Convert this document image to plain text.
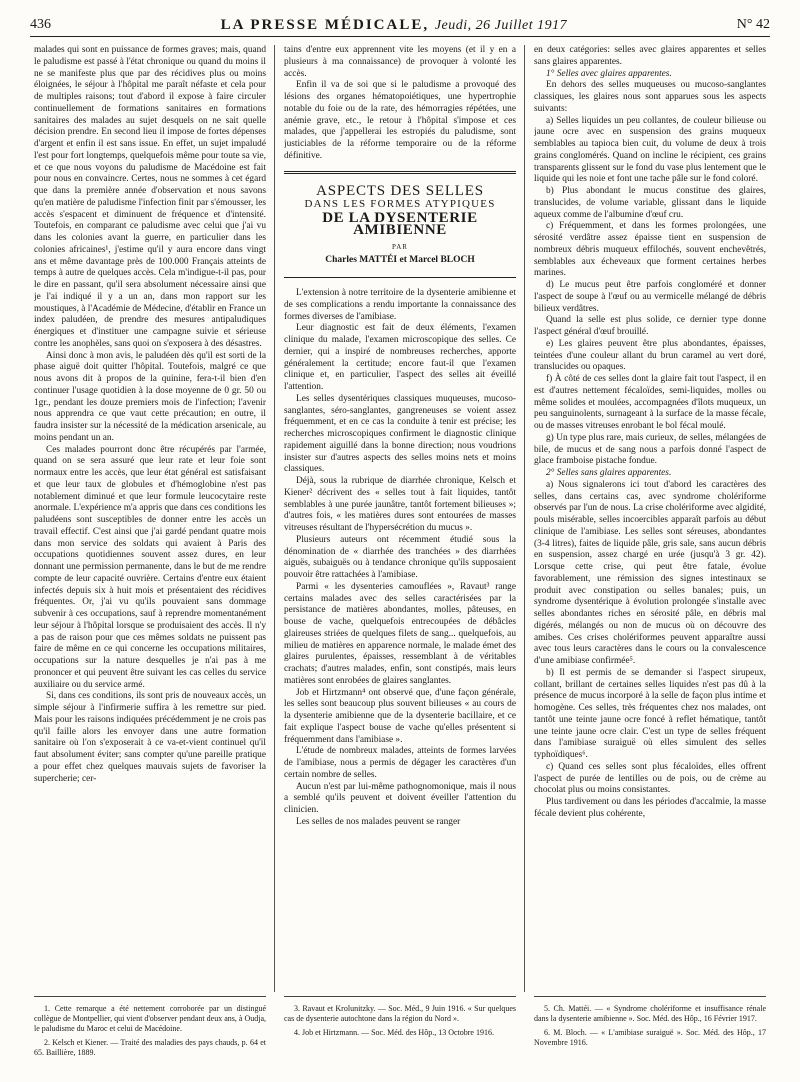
436	LA PRESSE MÉDICALE, Jeudi, 26 Juillet 1917	N° 42

malades qui sont en puissance de formes graves; mais, quand le paludisme est passé à l'état chronique ou quand du moins il ne se manifeste plus que par des récidives plus ou moins éloignées, le séjour à l'hôpital me paraît néfaste et cela pour de multiples raisons; tout d'abord il expose à faire circuler continuellement de formations sanitaires en formations sanitaires des malades au sujet desquels on ne sait quelle décision prendre. En second lieu il impose de fortes dépenses d'argent et enfin il est sans issue. En effet, un sujet impaludé l'est pour fort longtemps, quelquefois même pour toute sa vie, et ce que nous voyons du paludisme de Macédoine est fait pour nous en convaincre. Certes, nous ne sommes à cet égard que dans la première année d'observation et nous savons qu'en matière de paludisme l'infection finit par s'émousser, les accès s'espacent et diminuent de fréquence et d'intensité. Toutefois, en comparant ce paludisme avec celui que j'ai vu dans les colonies avant la guerre, en particulier dans les colonies africaines¹, j'estime qu'il y aura encore dans vingt ans et même davantage près de 100.000 Français atteints de temps à autre de quelques accès. Cela m'indigue-t-il pas, pour le dire en passant, qu'il sera absolument nécessaire ainsi que je l'ai indiqué il y a un an, dans mon rapport sur les moustiques, à l'Académie de Médecine, d'établir en France un index paludéen, de prendre des mesures antipaludiques énergiques et d'instituer une campagne suivie et sérieuse contre les anophèles, sans quoi on s'exposera à des désastres.

Ainsi donc à mon avis, le paludéen dès qu'il est sorti de la phase aiguë doit quitter l'hôpital. Toutefois, malgré ce que nous avons dit à propos de la quinine, fera-t-il bien d'en continuer l'usage quotidien à la dose moyenne de 0 gr. 50 ou 1gr., pendant les douze premiers mois de l'infection; l'avenir nous apprendra ce que vaut cette précaution; en outre, il faudra insister sur la nécessité de la médication arsenicale, au moins pendant un an.

Ces malades pourront donc être récupérés par l'armée, quand on se sera assuré que leur rate et leur foie sont normaux entre les accès, que leur état général est satisfaisant et que leur taux de globules et d'hémoglobine n'est pas notablement diminué et que leur formule leucocytaire reste anormale. L'expérience m'a appris que dans ces conditions les paludéens sont susceptibles de donner entre les accès un travail effectif. C'est ainsi que j'ai gardé pendant quatre mois dans mon service des soldats qui avaient à Paris des occupations quotidiennes souvent assez dures, en leur donnant une permission permanente, dans le but de me rendre compte de leur capacité ouvrière. Certains d'entre eux étaient infectés depuis six à huit mois et présentaient des récidives fréquentes. Or, j'ai vu qu'ils pouvaient sans dommage subvenir à ces occupations, sauf à reprendre momentanément leur séjour à l'hôpital lorsque se produisaient des accès. Il n'y a pas de raison pour que ces mêmes soldats ne puissent pas faire de même en ce qui concerne les occupations militaires, occupations sur la nature desquelles je n'ai pas à me prononcer et qui peuvent être suivant les cas celles du service auxiliaire ou du service armé.

Si, dans ces conditions, ils sont pris de nouveaux accès, un simple séjour à l'infirmerie suffira à les remettre sur pied. Mais pour les raisons indiquées précédemment je ne crois pas qu'il faille alors les envoyer dans une autre formation sanitaire où l'on s'exposerait à ce va-et-vient continuel qu'il faut absolument éviter; sans compter qu'une pareille pratique a pour effet chez quelques mauvais sujets de favoriser la supercherie; cer-

tains d'entre eux apprennent vite les moyens (et il y en a plusieurs à ma connaissance) de provoquer à volonté les accès.

Enfin il va de soi que si le paludisme a provoqué des lésions des organes hématopoiétiques, une hypertrophie notable du foie ou de la rate, des hémorragies répétées, une anémie grave, etc., le retour à l'hôpital s'impose et ces malades, que j'appellerai les estropiés du paludisme, sont justiciables de la réforme temporaire ou de la réforme définitive.

ASPECTS DES SELLES
DANS LES FORMES ATYPIQUES
DE LA DYSENTERIE AMIBIENNE
PAR
Charles MATTÉI et Marcel BLOCH

L'extension à notre territoire de la dysenterie amibienne et de ses complications a rendu importante la connaissance des formes diverses de l'amibiase.

Leur diagnostic est fait de deux éléments, l'examen clinique du malade, l'examen microscopique des selles. Ce dernier, qui a inspiré de nombreuses recherches, apporte généralement la certitude; encore faut-il que l'examen clinique et, en particulier, l'aspect des selles ait éveillé l'attention.

Les selles dysentériques classiques muqueuses, mucoso-sanglantes, séro-sanglantes, gangreneuses se voient assez fréquemment, et en ce cas la conduite à tenir est précise; les recherches microscopiques confirment le diagnostic clinique rapidement aiguillé dans la bonne direction; nous voudrions insister sur d'autres aspects des selles moins nets et moins classiques.

Déjà, sous la rubrique de diarrhée chronique, Kelsch et Kiener² décrivent des « selles tout à fait liquides, tantôt semblables à une purée jaunâtre, tantôt fortement bilieuses »; d'autres fois, « les matières dures sont entourées de masses vitreuses résultant de l'hypersécrétion du mucus ».

Plusieurs auteurs ont récemment étudié sous la dénomination de « diarrhée des tranchées » des diarrhées aiguës, subaiguës ou à tendance chronique qu'ils supposaient pouvoir être rattachées à l'amibiase.

Parmi « les dysenteries camouflées », Ravaut³ range certains malades avec des selles caractérisées par la persistance de matières abondantes, molles, pâteuses, en bouse de vache, quelquefois entrecoupées de débâcles glaireuses striées de quelques filets de sang... quelquefois, au milieu de matières en apparence normale, le malade émet des glaires purulentes, épaisses, ressemblant à de véritables crachats; d'autres malades, enfin, sont constipés, mais leurs matières sont enrobées de glaires sanglantes.

Job et Hirtzmann⁴ ont observé que, d'une façon générale, les selles sont beaucoup plus souvent bilieuses « au cours de la dysenterie amibienne que de la dysenterie bacillaire, et ce fait explique l'aspect bouse de vache qu'elles présentent si fréquemment dans l'amibiase ».

L'étude de nombreux malades, atteints de formes larvées de l'amibiase, nous a permis de dégager les caractères d'un certain nombre de selles.

Aucun n'est par lui-même pathognomonique, mais il nous a semblé qu'ils peuvent et doivent éveiller l'attention du clinicien.

Les selles de nos malades peuvent se ranger

en deux catégories: selles avec glaires apparentes et selles sans glaires apparentes.

1° Selles avec glaires apparentes.

En dehors des selles muqueuses ou mucoso-sanglantes classiques, les glaires nous sont apparues sous les aspects suivants:

a) Selles liquides un peu collantes, de couleur bilieuse ou jaune ocre avec en suspension des grains muqueux semblables au tapioca bien cuit, du volume de deux à trois grains conglomérés. Quand on incline le récipient, ces grains transparents glissent sur le fond du vase plus lentement que le liquide qui les noie et font une tache pâle sur le fond coloré.

b) Plus abondant le mucus constitue des glaires, translucides, de volume variable, glissant dans le liquide aqueux comme de l'albumine d'œuf cru.

c) Fréquemment, et dans les formes prolongées, une sérosité verdâtre assez épaisse tient en suspension de nombreux débris muqueux effilochés, souvent enchevêtrés, semblables aux écheveaux que forment certaines herbes marines.

d) Le mucus peut être parfois congloméré et donner l'aspect de soupe à l'œuf ou au vermicelle mélangé de débris bilieux verdâtres.

Quand la selle est plus solide, ce dernier type donne l'aspect général d'œuf brouillé.

e) Les glaires peuvent être plus abondantes, épaisses, teintées d'une couleur allant du brun caramel au vert doré, translucides ou opaques.

f) À côté de ces selles dont la glaire fait tout l'aspect, il en est d'autres nettement fécaloïdes, semi-liquides, molles ou même solides et moulées, accompagnées d'îlots muqueux, un peu sanguinolents, surnageant à la surface de la masse fécale, ou de masses vitreuses enrobant le bol fécal moulé.

g) Un type plus rare, mais curieux, de selles, mélangées de bile, de mucus et de sang nous a parfois donné l'aspect de glace framboise pistache fondue.

2° Selles sans glaires apparentes.

a) Nous signalerons ici tout d'abord les caractères des selles, dans certains cas, avec syndrome cholériforme observés par l'un de nous. La crise cholériforme avec algidité, pouls misérable, selles incoercibles apparaît parfois au début clinique de l'amibiase. Les selles sont séreuses, abondantes (3-4 litres), faites de liquide pâle, gris sale, sans aucun débris en suspension, assez chargé en urée (jusqu'à 3 gr. 42). Lorsque cette crise, qui peut être fatale, évolue favorablement, une rémission des signes intestinaux se produit avec constipation ou selles banales; puis, un syndrome dysentérique à évolution prolongée s'installe avec selles abondantes riches en sérosité pâle, en débris mal digérés, mélangés ou non de mucus où on découvre des amibes. Ces crises cholériformes peuvent apparaître aussi avec tous leurs caractères dans le cours ou la convalescence d'une amibiase confirmée⁵.

b) Il est permis de se demander si l'aspect sirupeux, collant, brillant de certaines selles liquides n'est pas dû à la présence de mucus incorporé à la selle de façon plus intime et homogène. Ces selles, très fréquentes chez nos malades, ont tantôt une teinte jaune ocre foncé à reflet hématique, tantôt une teinte jaune ocre clair. C'est un type de selles fréquent dans l'amibiase suraiguë où elles simulent des selles typhoïdiques⁶.

c) Quand ces selles sont plus fécaloïdes, elles offrent l'aspect de purée de lentilles ou de pois, ou de crème au chocolat plus ou moins consistantes.

Plus tardivement ou dans les périodes d'accalmie, la masse fécale devient plus cohérente,

1. Cette remarque a été nettement corroborée par un distingué collègue de Montpellier, qui vient d'observer pendant deux ans, à Oudja, le paludisme du Maroc et celui de Macédoine.

2. Kelsch et Kiener. — Traité des maladies des pays chauds, p. 64 et 65. Baillière, 1889.

3. Ravaut et Krolunitzky. — Soc. Méd., 9 Juin 1916. « Sur quelques cas de dysenterie autochtone dans la région du Nord ».

4. Job et Hirtzmann. — Soc. Méd. des Hôp., 13 Octobre 1916.

5. Ch. Mattéi. — « Syndrome cholériforme et insuffisance rénale dans la dysenterie amibienne ». Soc. Méd. des Hôp., 16 Février 1917.

6. M. Bloch. — « L'amibiase suraiguë ». Soc. Méd. des Hôp., 17 Novembre 1916.
